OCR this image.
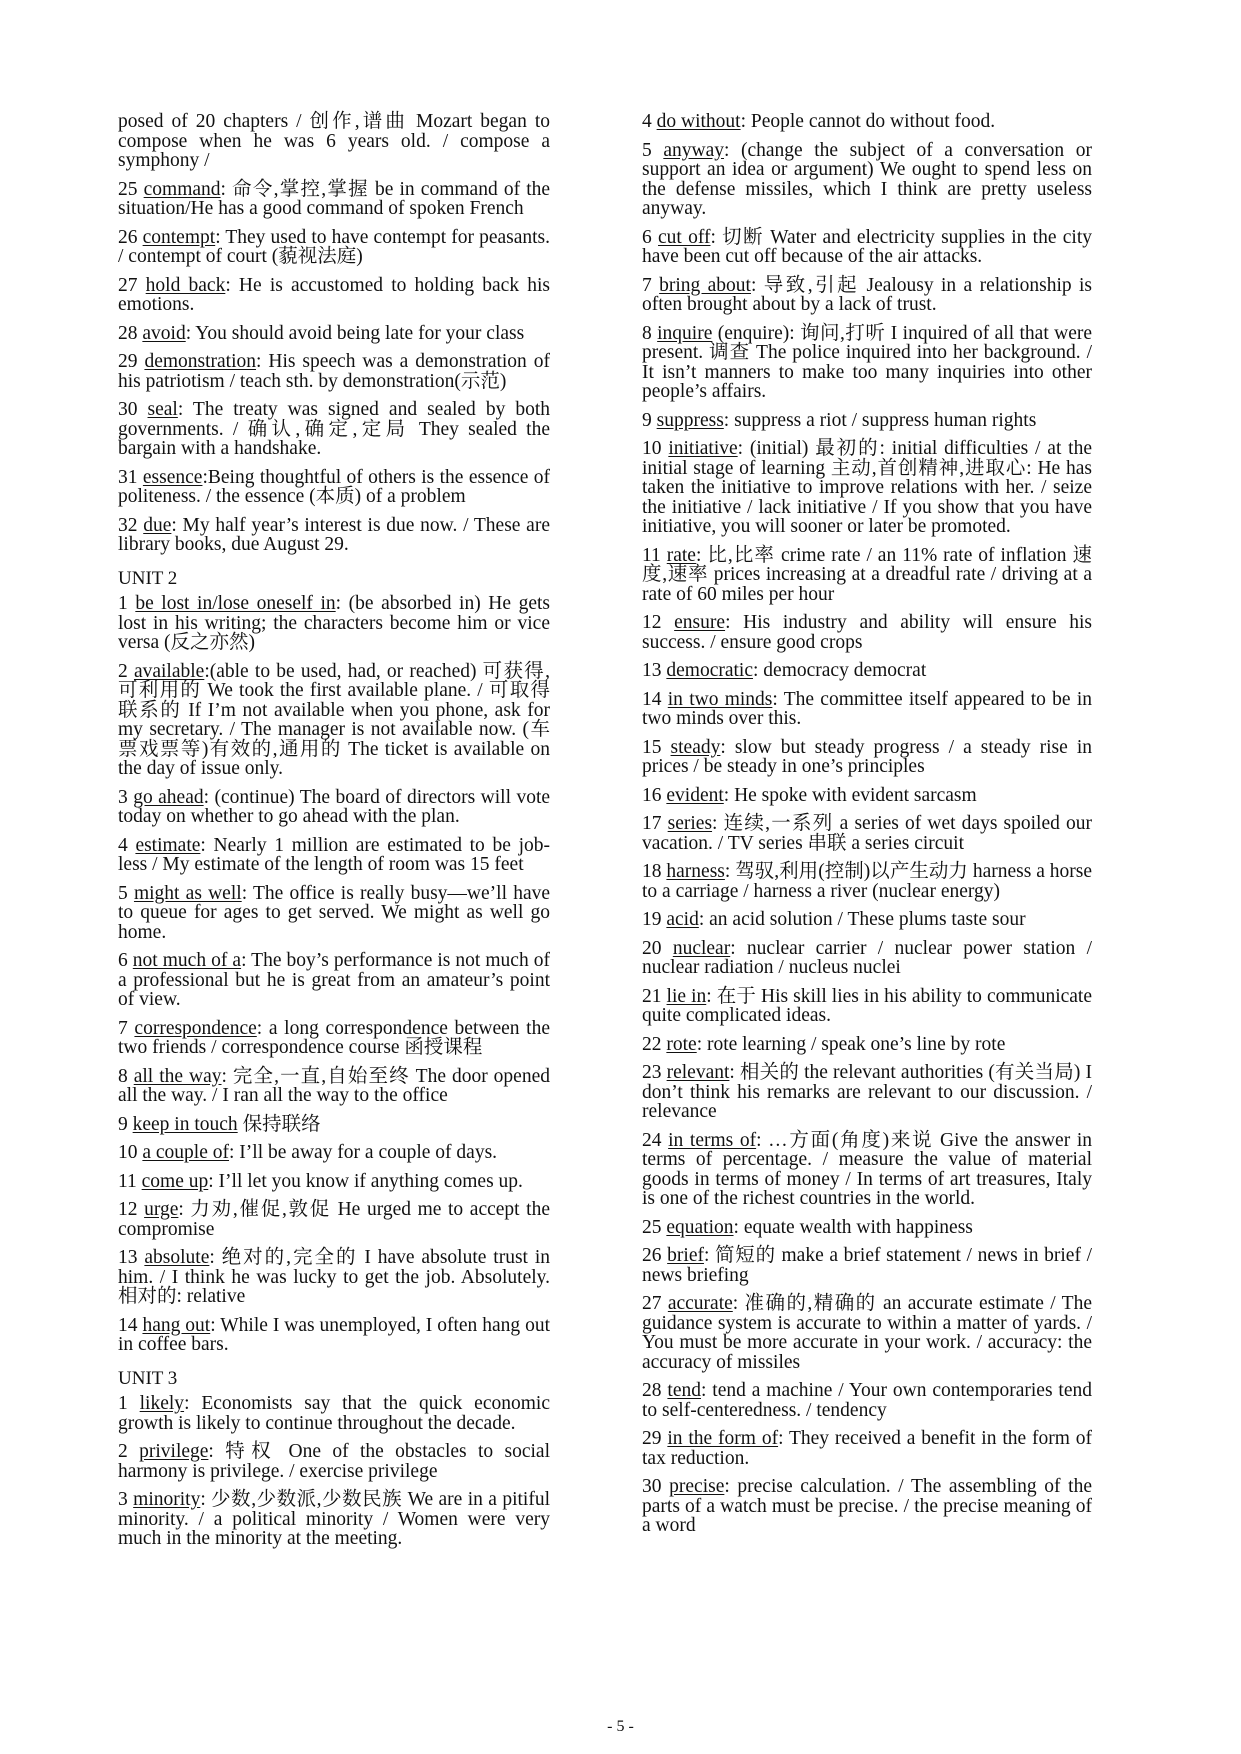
posed of 20 chapters / 创作,谱曲 Mozart began to compose when he was 6 years old. / compose a symphony /
25 command: 命令,掌控,掌握 be in command of the situation/He has a good command of spoken French
26 contempt: They used to have contempt for peasants. / contempt of court (藐视法庭)
27 hold back: He is accustomed to holding back his emotions.
28 avoid: You should avoid being late for your class
29 demonstration: His speech was a demonstration of his patriotism / teach sth. by demonstration(示范)
30 seal: The treaty was signed and sealed by both governments. / 确认,确定,定局 They sealed the bargain with a handshake.
31 essence:Being thoughtful of others is the essence of politeness. / the essence (本质) of a problem
32 due: My half year’s interest is due now. / These are library books, due August 29.
UNIT 2
1 be lost in/lose oneself in: (be absorbed in) He gets lost in his writing; the characters become him or vice versa (反之亦然)
2 available:(able to be used, had, or reached) 可获得,可利用的 We took the first available plane. / 可取得联系的 If I’m not available when you phone, ask for my secretary. / The manager is not available now. (车票戏票等)有效的,通用的 The ticket is available on the day of issue only.
3 go ahead: (continue) The board of directors will vote today on whether to go ahead with the plan.
4 estimate: Nearly 1 million are estimated to be job-less / My estimate of the length of room was 15 feet
5 might as well: The office is really busy—we’ll have to queue for ages to get served. We might as well go home.
6 not much of a: The boy’s performance is not much of a professional but he is great from an amateur’s point of view.
7 correspondence: a long correspondence between the two friends / correspondence course 函授课程
8 all the way: 完全,一直,自始至终 The door opened all the way. / I ran all the way to the office
9 keep in touch 保持联络
10 a couple of: I’ll be away for a couple of days.
11 come up: I’ll let you know if anything comes up.
12 urge: 力劝,催促,敦促 He urged me to accept the compromise
13 absolute: 绝对的,完全的 I have absolute trust in him. / I think he was lucky to get the job. Absolutely. 相对的: relative
14 hang out: While I was unemployed, I often hang out in coffee bars.
UNIT 3
1 likely: Economists say that the quick economic growth is likely to continue throughout the decade.
2 privilege: 特权 One of the obstacles to social harmony is privilege. / exercise privilege
3 minority: 少数,少数派,少数民族 We are in a pitiful minority. / a political minority / Women were very much in the minority at the meeting.
4 do without: People cannot do without food.
5 anyway: (change the subject of a conversation or support an idea or argument) We ought to spend less on the defense missiles, which I think are pretty useless anyway.
6 cut off: 切断 Water and electricity supplies in the city have been cut off because of the air attacks.
7 bring about: 导致,引起 Jealousy in a relationship is often brought about by a lack of trust.
8 inquire (enquire): 询问,打听 I inquired of all that were present. 调查 The police inquired into her background. / It isn’t manners to make too many inquiries into other people’s affairs.
9 suppress: suppress a riot / suppress human rights
10 initiative: (initial) 最初的: initial difficulties / at the initial stage of learning 主动,首创精神,进取心: He has taken the initiative to improve relations with her. / seize the initiative / lack initiative / If you show that you have initiative, you will sooner or later be promoted.
11 rate: 比,比率 crime rate / an 11% rate of inflation 速度,速率 prices increasing at a dreadful rate / driving at a rate of 60 miles per hour
12 ensure: His industry and ability will ensure his success. / ensure good crops
13 democratic: democracy democrat
14 in two minds: The committee itself appeared to be in two minds over this.
15 steady: slow but steady progress / a steady rise in prices / be steady in one’s principles
16 evident: He spoke with evident sarcasm
17 series: 连续,一系列 a series of wet days spoiled our vacation. / TV series 串联 a series circuit
18 harness: 驾驭,利用(控制)以产生动力 harness a horse to a carriage / harness a river (nuclear energy)
19 acid: an acid solution / These plums taste sour
20 nuclear: nuclear carrier / nuclear power station / nuclear radiation / nucleus nuclei
21 lie in: 在于 His skill lies in his ability to communicate quite complicated ideas.
22 rote: rote learning / speak one’s line by rote
23 relevant: 相关的 the relevant authorities (有关当局) I don’t think his remarks are relevant to our discussion. / relevance
24 in terms of: …方面(角度)来说 Give the answer in terms of percentage. / measure the value of material goods in terms of money / In terms of art treasures, Italy is one of the richest countries in the world.
25 equation: equate wealth with happiness
26 brief: 简短的 make a brief statement / news in brief / news briefing
27 accurate: 准确的,精确的 an accurate estimate / The guidance system is accurate to within a matter of yards. / You must be more accurate in your work. / accuracy: the accuracy of missiles
28 tend: tend a machine / Your own contemporaries tend to self-centeredness. / tendency
29 in the form of: They received a benefit in the form of tax reduction.
30 precise: precise calculation. / The assembling of the parts of a watch must be precise. / the precise meaning of a word
- 5 -
